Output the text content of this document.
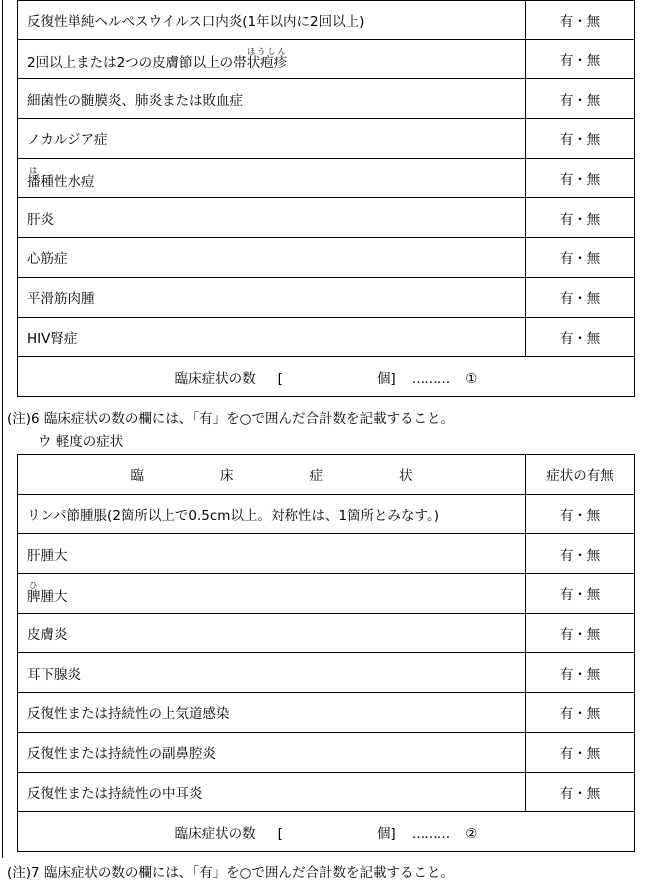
反復性単純ヘルペスウイルス口内炎(1年以内に2回以上)	有・無
2回以上または2つの皮膚節以上の帯状疱疹ほうしん	有・無
細菌性の髄膜炎、肺炎または敗血症	有・無
ノカルジア症	有・無
播は種性水痘	有・無
肝炎	有・無
心筋症	有・無
平滑筋肉腫	有・無
HIV腎症	有・無
臨床症状の数 [ 個] ……… ①	
(注)6 臨床症状の数の欄には、「有」を○で囲んだ合計数を記載すること。
ウ 軽度の症状
臨 床 症 状	症状の有無
リンパ節腫脹(2箇所以上で0.5cm以上。対称性は、1箇所とみなす。)	有・無
肝腫大	有・無
脾ひ腫大	有・無
皮膚炎	有・無
耳下腺炎	有・無
反復性または持続性の上気道感染	有・無
反復性または持続性の副鼻腔炎	有・無
反復性または持続性の中耳炎	有・無
臨床症状の数 [ 個] ……… ②	
(注)7 臨床症状の数の欄には、「有」を○で囲んだ合計数を記載すること。
